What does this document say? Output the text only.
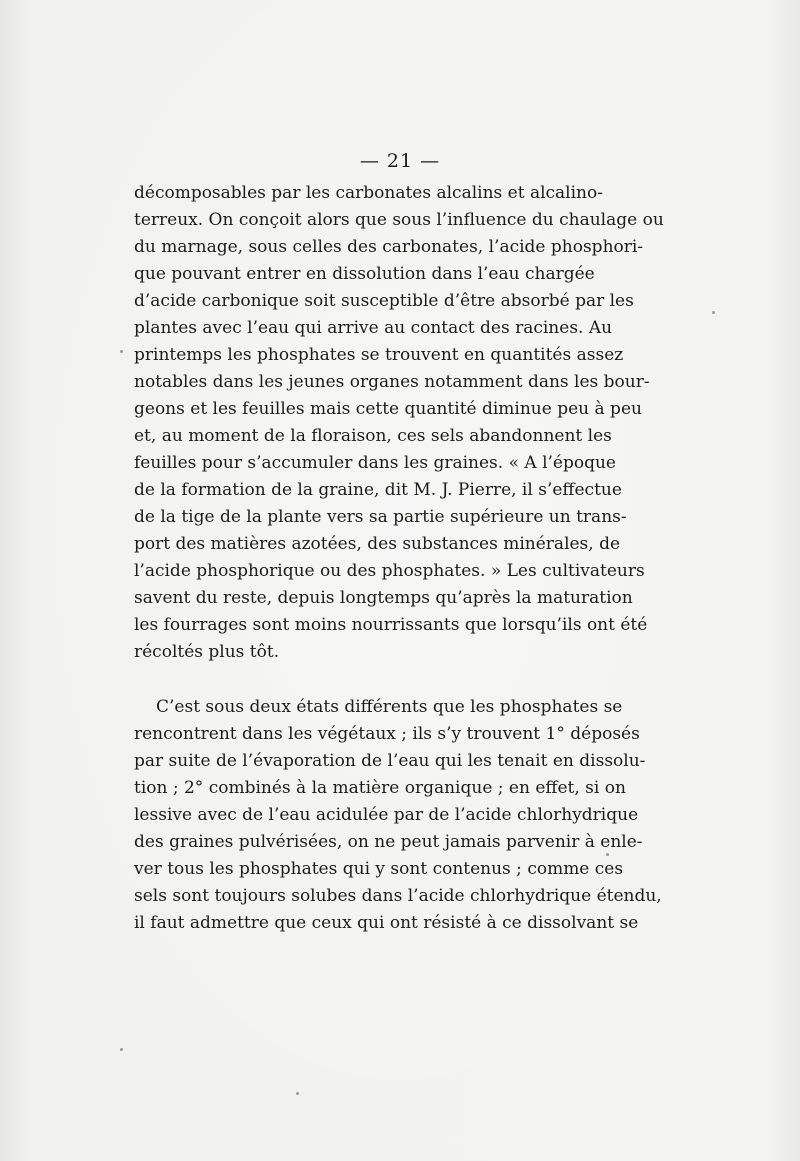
— 21 —
décomposables par les carbonates alcalins et alcalino-
terreux. On conçoit alors que sous l’influence du chaulage ou
du marnage, sous celles des carbonates, l’acide phosphori-
que pouvant entrer en dissolution dans l’eau chargée
d’acide carbonique soit susceptible d’être absorbé par les
plantes avec l’eau qui arrive au contact des racines. Au
printemps les phosphates se trouvent en quantités assez
notables dans les jeunes organes notamment dans les bour-
geons et les feuilles mais cette quantité diminue peu à peu
et, au moment de la floraison, ces sels abandonnent les
feuilles pour s’accumuler dans les graines. « A l’époque
de la formation de la graine, dit M. J. Pierre, il s’effectue
de la tige de la plante vers sa partie supérieure un trans-
port des matières azotées, des substances minérales, de
l’acide phosphorique ou des phosphates. » Les cultivateurs
savent du reste, depuis longtemps qu’après la maturation
les fourrages sont moins nourrissants que lorsqu’ils ont été
récoltés plus tôt.
C’est sous deux états différents que les phosphates se
rencontrent dans les végétaux ; ils s’y trouvent 1° déposés
par suite de l’évaporation de l’eau qui les tenait en dissolu-
tion ; 2° combinés à la matière organique ; en effet, si on
lessive avec de l’eau acidulée par de l’acide chlorhydrique
des graines pulvérisées, on ne peut jamais parvenir à enle-
ver tous les phosphates qui y sont contenus ; comme ces
sels sont toujours solubes dans l’acide chlorhydrique étendu,
il faut admettre que ceux qui ont résisté à ce dissolvant se
